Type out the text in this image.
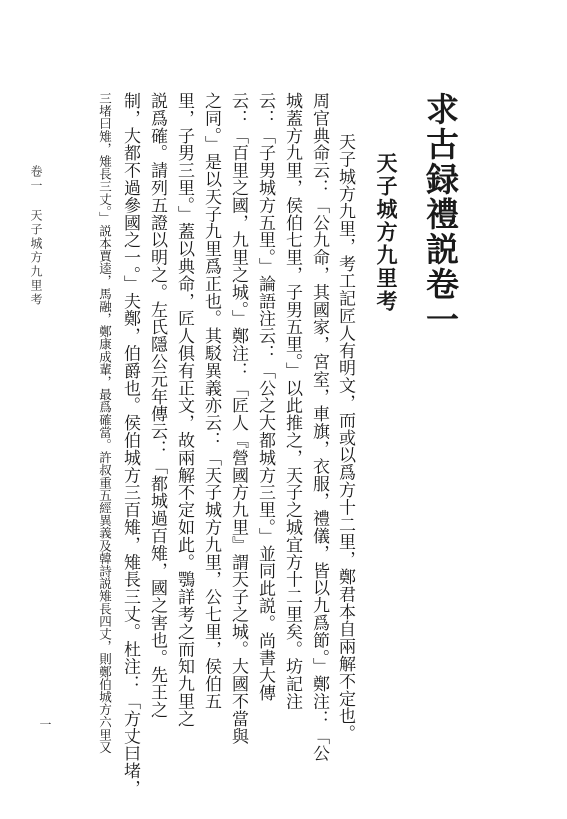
求古録禮説卷一
天子城方九里考
天子城方九里，考工記匠人有明文，而或以爲方十二里，鄭君本自兩解不定也。
周官典命云：「公九命，其國家，宮室，車旗，衣服，禮儀，皆以九爲節。」鄭注：「公
城蓋方九里，侯伯七里，子男五里。」以此推之，天子之城宜方十二里矣。坊記注
云：「子男城方五里。」論語注云：「公之大都城方三里。」並同此説。尚書大傳
云：「百里之國，九里之城。」鄭注：「匠人『營國方九里』謂天子之城。大國不當與
之同。」是以天子九里爲正也。其駁異義亦云：「天子城方九里，公七里，侯伯五
里，子男三里。」蓋以典命，匠人俱有正文，故兩解不定如此。鶚詳考之而知九里之
説爲確。請列五證以明之。左氏隱公元年傳云：「都城過百雉，國之害也。先王之
制，大都不過參國之一。」夫鄭，伯爵也。侯伯城方三百雉，雉長三丈。杜注：「方丈曰堵，
三堵曰雉，雉長三丈。」説本賈逵，馬融，鄭康成輩，最爲確當。許叔重五經異義及韓詩説雉長四丈，則鄭伯城方六里又
卷一 天子城方九里考
一
